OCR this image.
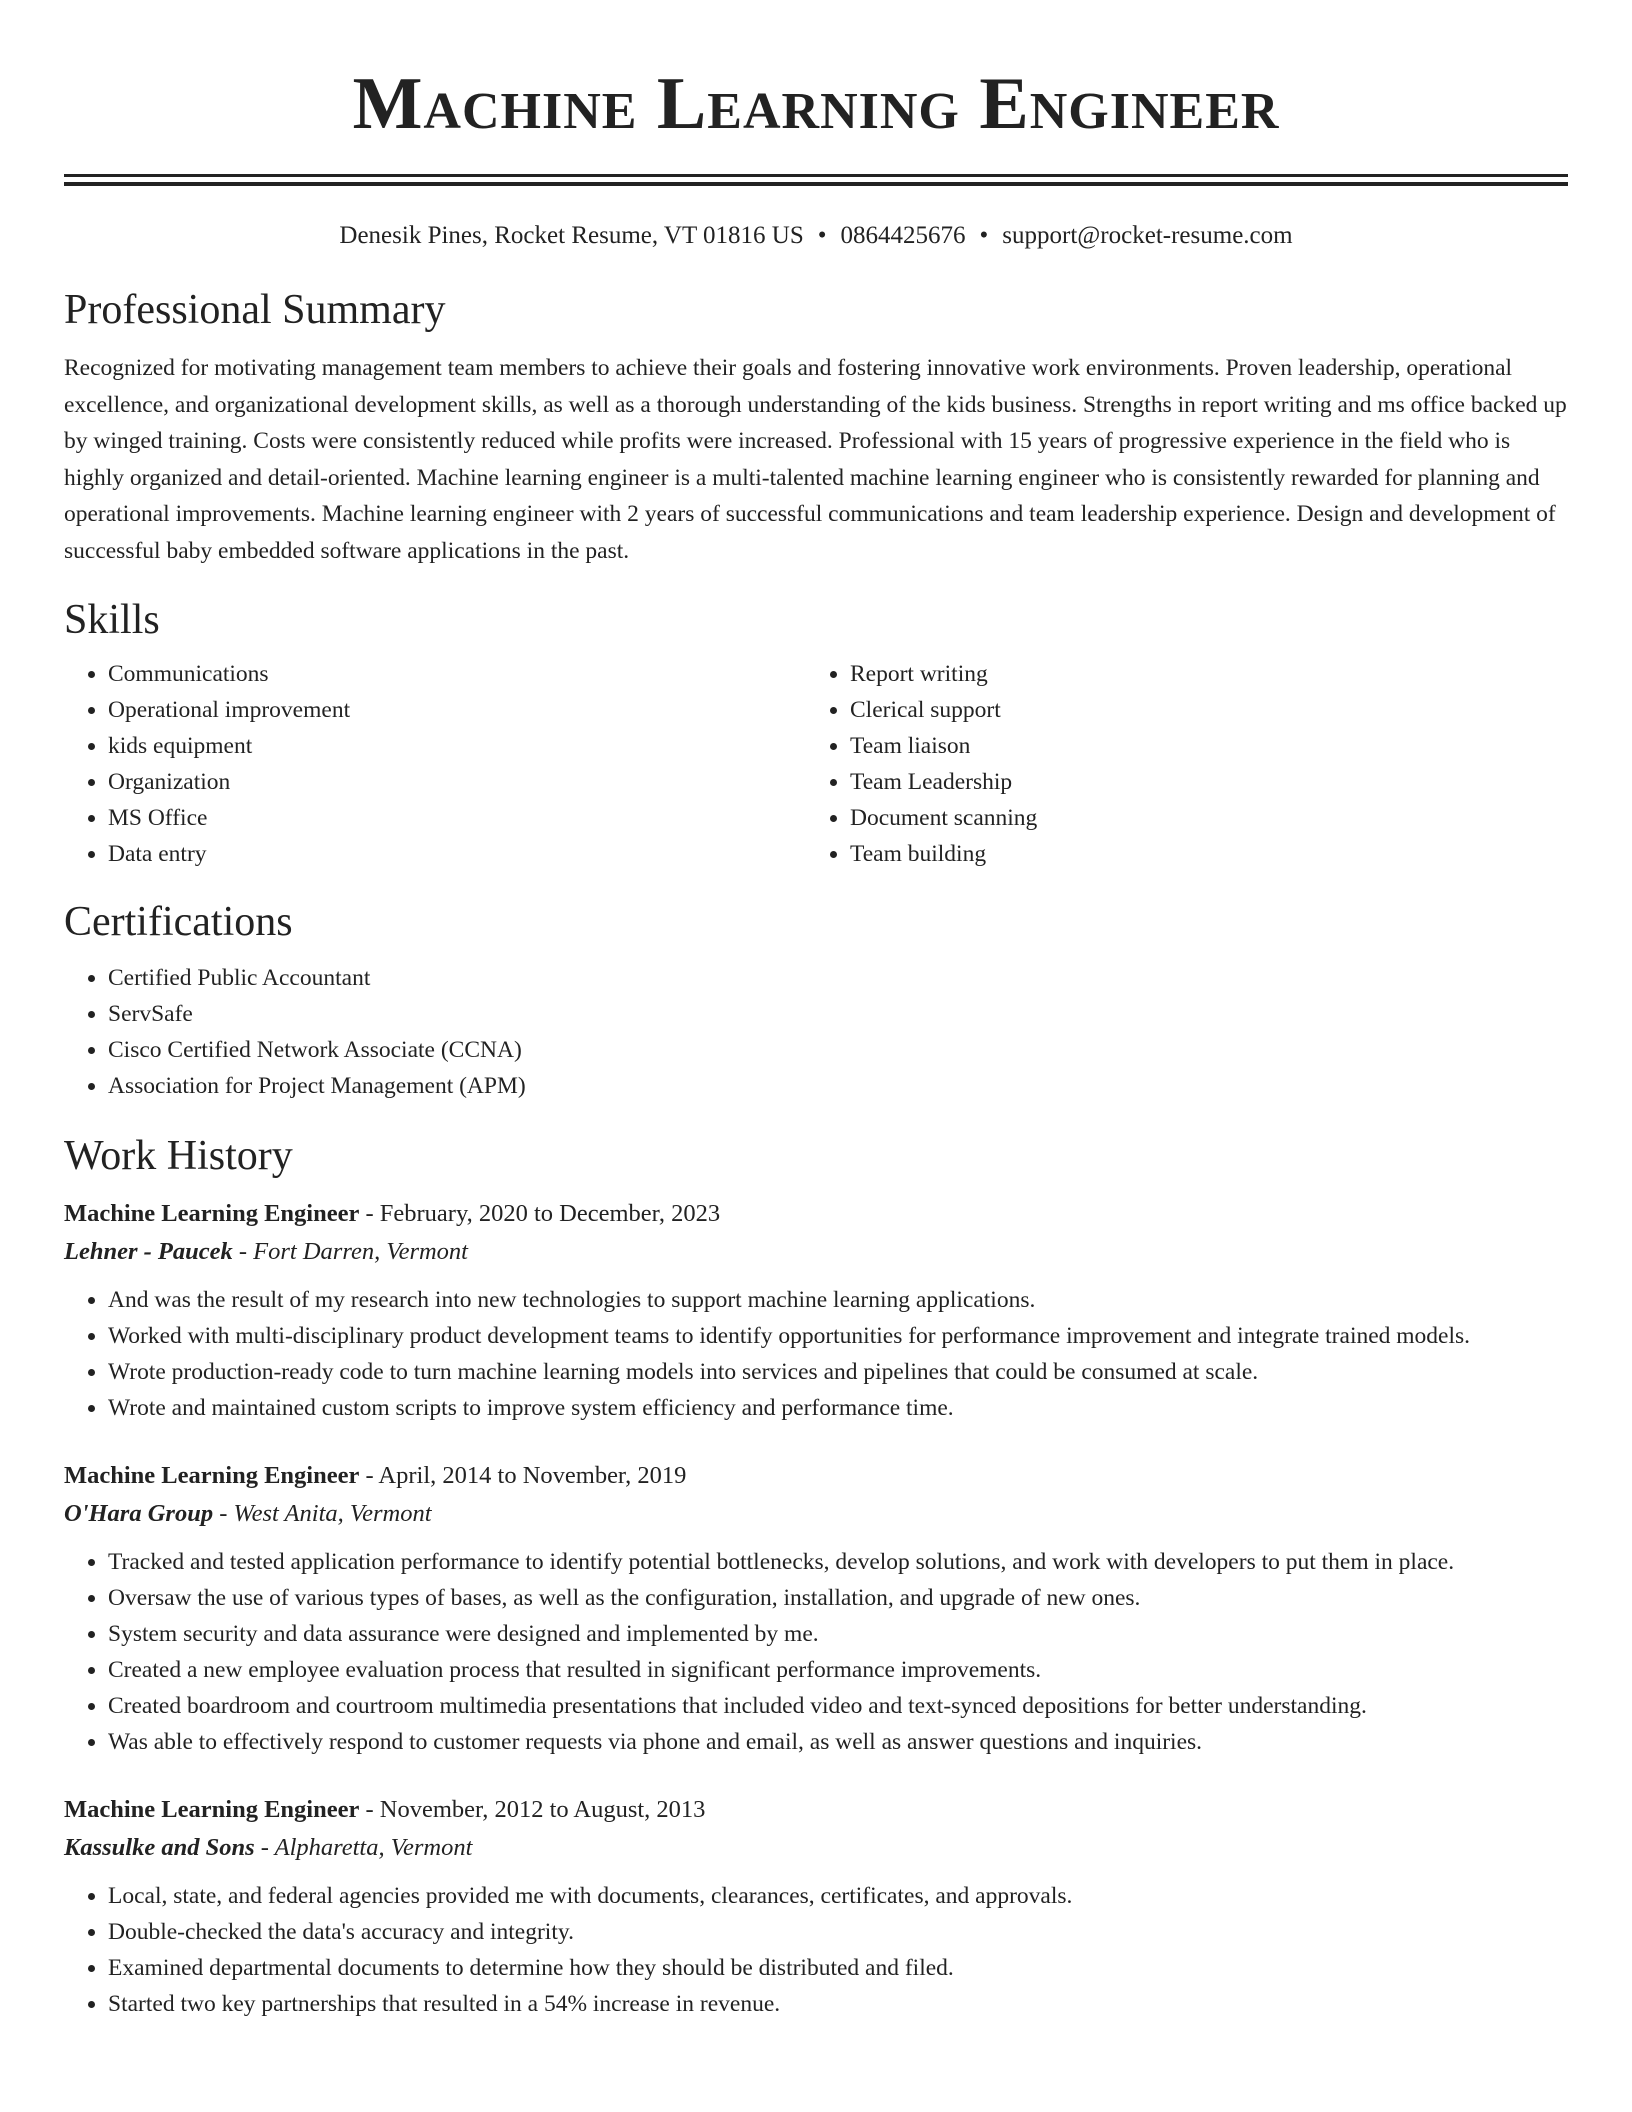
Machine Learning Engineer
Denesik Pines, Rocket Resume, VT 01816 US • 0864425676 • support@rocket-resume.com
Professional Summary

Recognized for motivating management team members to achieve their goals and fostering innovative work environments. Proven leadership, operational excellence, and organizational development skills, as well as a thorough understanding of the kids business. Strengths in report writing and ms office backed up by winged training. Costs were consistently reduced while profits were increased. Professional with 15 years of progressive experience in the field who is highly organized and detail-oriented. Machine learning engineer is a multi-talented machine learning engineer who is consistently rewarded for planning and operational improvements. Machine learning engineer with 2 years of successful communications and team leadership experience. Design and development of successful baby embedded software applications in the past.

Skills
• Communications
• Operational improvement
• kids equipment
• Organization
• MS Office
• Data entry
• Report writing
• Clerical support
• Team liaison
• Team Leadership
• Document scanning
• Team building
Certifications
• Certified Public Accountant
• ServSafe
• Cisco Certified Network Associate (CCNA)
• Association for Project Management (APM)
Work History

Machine Learning Engineer - February, 2020 to December, 2023

Lehner - Paucek - Fort Darren, Vermont

• And was the result of my research into new technologies to support machine learning applications.
• Worked with multi-disciplinary product development teams to identify opportunities for performance improvement and integrate trained models.
• Wrote production-ready code to turn machine learning models into services and pipelines that could be consumed at scale.
• Wrote and maintained custom scripts to improve system efficiency and performance time.

Machine Learning Engineer - April, 2014 to November, 2019

O'Hara Group - West Anita, Vermont

• Tracked and tested application performance to identify potential bottlenecks, develop solutions, and work with developers to put them in place.
• Oversaw the use of various types of bases, as well as the configuration, installation, and upgrade of new ones.
• System security and data assurance were designed and implemented by me.
• Created a new employee evaluation process that resulted in significant performance improvements.
• Created boardroom and courtroom multimedia presentations that included video and text-synced depositions for better understanding.
• Was able to effectively respond to customer requests via phone and email, as well as answer questions and inquiries.

Machine Learning Engineer - November, 2012 to August, 2013

Kassulke and Sons - Alpharetta, Vermont

• Local, state, and federal agencies provided me with documents, clearances, certificates, and approvals.
• Double-checked the data's accuracy and integrity.
• Examined departmental documents to determine how they should be distributed and filed.
• Started two key partnerships that resulted in a 54% increase in revenue.
